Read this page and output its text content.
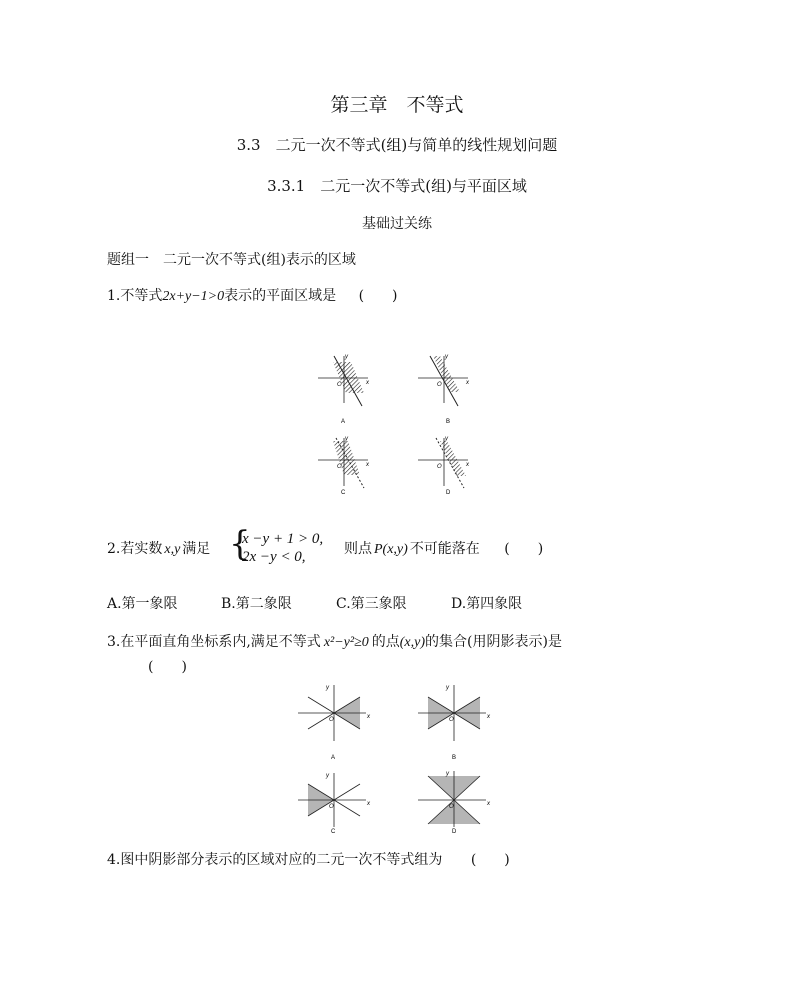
第三章　不等式
3.3　二元一次不等式(组)与简单的线性规划问题
3.3.1　二元一次不等式(组)与平面区域
基础过关练
题组一　二元一次不等式(组)表示的区域
1.不等式2x+y−1>0表示的平面区域是 (　　)
y
x
O
A
y
x
O
B
y
x
O
C
y
x
O
D
2.若实数 x,y 满足 {
x −y + 1 > 0,
2x −y < 0,	则点 P(x,y) 不可能落在 (　　)
A.第一象限	B.第二象限	C.第三象限	D.第四象限
3.在平面直角坐标系内,满足不等式 x²−y²≥0 的点(x,y)的集合(用阴影表示)是
(　　)
y
x
O
A
y
x
O
B
y
x
O
C
y
x
O
D
4.图中阴影部分表示的区域对应的二元一次不等式组为 (　　)
